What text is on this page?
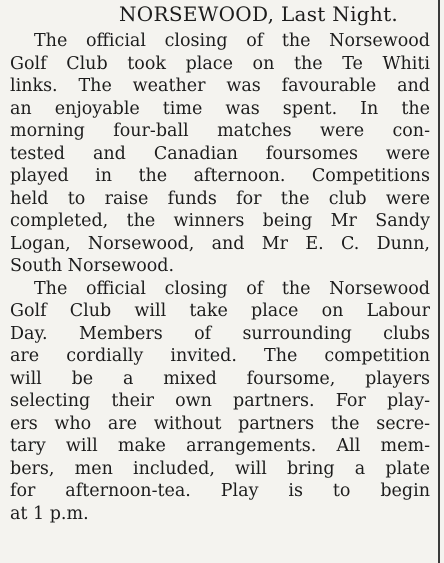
NORSEWOOD, Last Night.
The official closing of the Norsewood
Golf Club took place on the Te Whiti
links. The weather was favourable and
an enjoyable time was spent. In the
morning four-ball matches were con-
tested and Canadian foursomes were
played in the afternoon. Competitions
held to raise funds for the club were
completed, the winners being Mr Sandy
Logan, Norsewood, and Mr E. C. Dunn,
South Norsewood.
The official closing of the Norsewood
Golf Club will take place on Labour
Day. Members of surrounding clubs
are cordially invited. The competition
will be a mixed foursome, players
selecting their own partners. For play-
ers who are without partners the secre-
tary will make arrangements. All mem-
bers, men included, will bring a plate
for afternoon-tea. Play is to begin
at 1 p.m.
